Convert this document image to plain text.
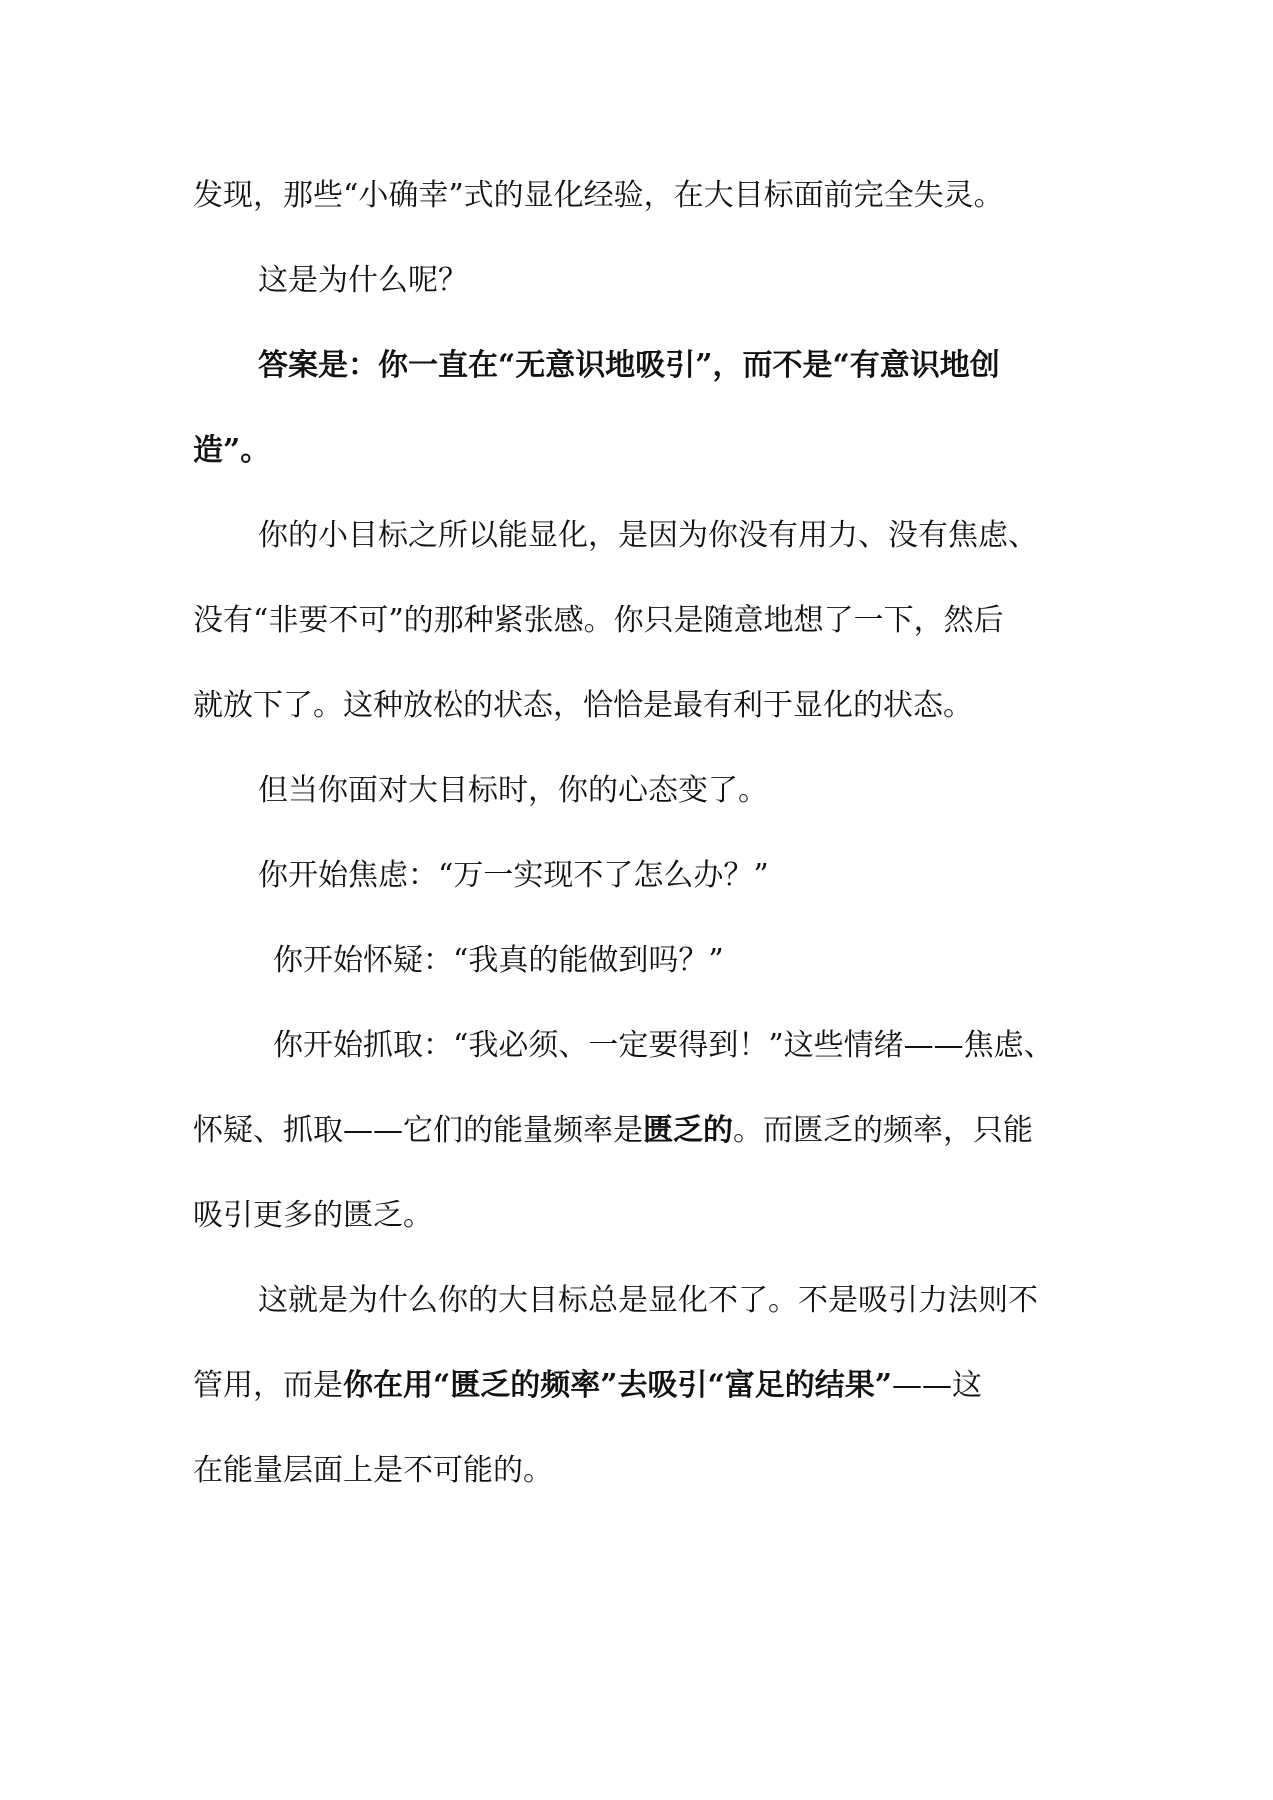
发现，那些“小确幸”式的显化经验，在大目标面前完全失灵。
这是为什么呢？
答案是：你一直在“无意识地吸引”，而不是“有意识地创
造”。
你的小目标之所以能显化，是因为你没有用力、没有焦虑、
没有“非要不可”的那种紧张感。你只是随意地想了一下，然后
就放下了。这种放松的状态，恰恰是最有利于显化的状态。
但当你面对大目标时，你的心态变了。
你开始焦虑：“万一实现不了怎么办？”
你开始怀疑：“我真的能做到吗？”
你开始抓取：“我必须、一定要得到！”这些情绪——焦虑、
怀疑、抓取——它们的能量频率是匮乏的。而匮乏的频率，只能
吸引更多的匮乏。
这就是为什么你的大目标总是显化不了。不是吸引力法则不
管用，而是你在用“匮乏的频率”去吸引“富足的结果”——这
在能量层面上是不可能的。
